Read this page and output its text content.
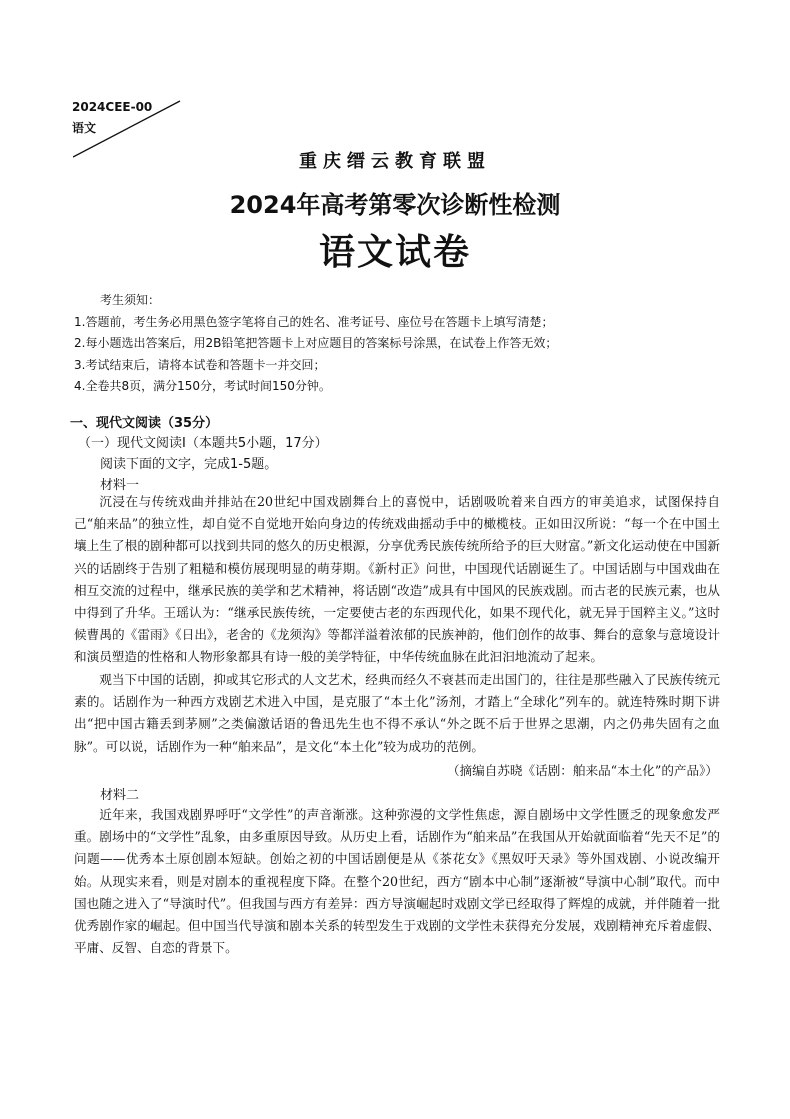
2024CEE-00
语文
重庆缙云教育联盟
2024年高考第零次诊断性检测
语文试卷
考生须知：
1.答题前，考生务必用黑色签字笔将自己的姓名、准考证号、座位号在答题卡上填写清楚；
2.每小题选出答案后，用2B铅笔把答题卡上对应题目的答案标号涂黑，在试卷上作答无效；
3.考试结束后，请将本试卷和答题卡一并交回；
4.全卷共8页，满分150分，考试时间150分钟。
一、现代文阅读（35分）
（一）现代文阅读Ⅰ（本题共5小题，17分）
阅读下面的文字，完成1-5题。
材料一

沉浸在与传统戏曲并排站在20世纪中国戏剧舞台上的喜悦中，话剧吸吮着来自西方的审美追求，试图保持自己“舶来品”的独立性，却自觉不自觉地开始向身边的传统戏曲摇动手中的橄榄枝。正如田汉所说：“每一个在中国土壤上生了根的剧种都可以找到共同的悠久的历史根源，分享优秀民族传统所给予的巨大财富。”新文化运动使在中国新兴的话剧终于告别了粗糙和模仿展现明显的萌芽期。《新村正》问世，中国现代话剧诞生了。中国话剧与中国戏曲在相互交流的过程中，继承民族的美学和艺术精神，将话剧“改造”成具有中国风的民族戏剧。而古老的民族元素，也从中得到了升华。王瑶认为：“继承民族传统，一定要使古老的东西现代化，如果不现代化，就无异于国粹主义。”这时候曹禺的《雷雨》《日出》，老舍的《龙须沟》等都洋溢着浓郁的民族神韵，他们创作的故事、舞台的意象与意境设计和演员塑造的性格和人物形象都具有诗一般的美学特征，中华传统血脉在此汩汩地流动了起来。

观当下中国的话剧，抑或其它形式的人文艺术，经典而经久不衰甚而走出国门的，往往是那些融入了民族传统元素的。话剧作为一种西方戏剧艺术进入中国，是克服了“本土化”汤剂，才踏上“全球化”列车的。就连特殊时期下讲出“把中国古籍丢到茅厕”之类偏激话语的鲁迅先生也不得不承认“外之既不后于世界之思潮，内之仍弗失固有之血脉”。可以说，话剧作为一种“舶来品”，是文化“本土化”较为成功的范例。

（摘编自苏晓《话剧：舶来品“本土化”的产品》）
材料二

近年来，我国戏剧界呼吁“文学性”的声音渐涨。这种弥漫的文学性焦虑，源自剧场中文学性匮乏的现象愈发严重。剧场中的“文学性”乱象，由多重原因导致。从历史上看，话剧作为“舶来品”在我国从开始就面临着“先天不足”的问题——优秀本土原创剧本短缺。创始之初的中国话剧便是从《茶花女》《黑奴吁天录》等外国戏剧、小说改编开始。从现实来看，则是对剧本的重视程度下降。在整个20世纪，西方“剧本中心制”逐渐被“导演中心制”取代。而中国也随之进入了“导演时代”。但我国与西方有差异：西方导演崛起时戏剧文学已经取得了辉煌的成就，并伴随着一批优秀剧作家的崛起。但中国当代导演和剧本关系的转型发生于戏剧的文学性未获得充分发展，戏剧精神充斥着虚假、平庸、反智、自恋的背景下。
